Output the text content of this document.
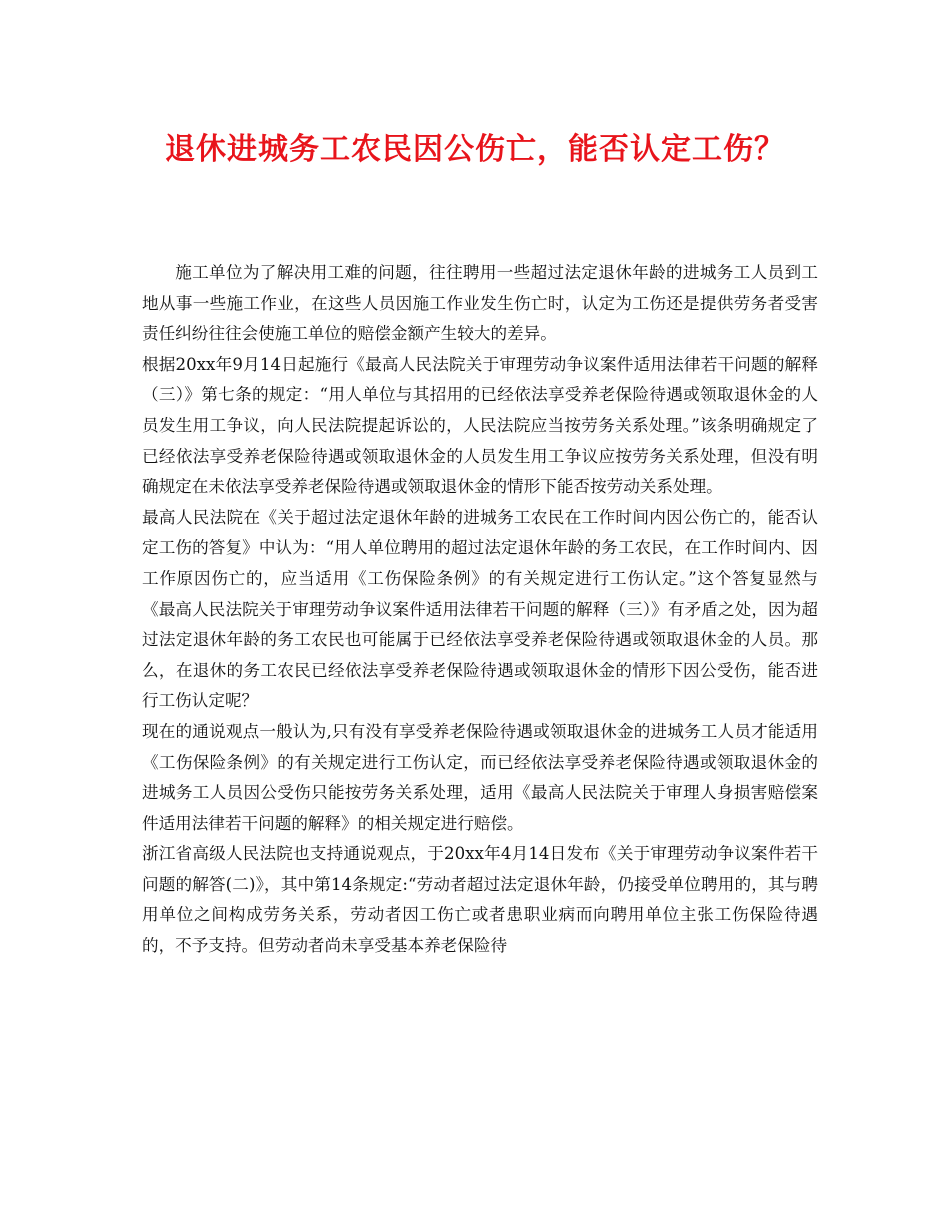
退休进城务工农民因公伤亡，能否认定工伤？

施工单位为了解决用工难的问题，往往聘用一些超过法定退休年龄的进城务工人员到工地从事一些施工作业，在这些人员因施工作业发生伤亡时，认定为工伤还是提供劳务者受害责任纠纷往往会使施工单位的赔偿金额产生较大的差异。

根据20xx年9月14日起施行《最高人民法院关于审理劳动争议案件适用法律若干问题的解释（三）》第七条的规定：“用人单位与其招用的已经依法享受养老保险待遇或领取退休金的人员发生用工争议，向人民法院提起诉讼的，人民法院应当按劳务关系处理。”该条明确规定了已经依法享受养老保险待遇或领取退休金的人员发生用工争议应按劳务关系处理，但没有明确规定在未依法享受养老保险待遇或领取退休金的情形下能否按劳动关系处理。

最高人民法院在《关于超过法定退休年龄的进城务工农民在工作时间内因公伤亡的，能否认定工伤的答复》中认为：“用人单位聘用的超过法定退休年龄的务工农民，在工作时间内、因工作原因伤亡的，应当适用《工伤保险条例》的有关规定进行工伤认定。”这个答复显然与《最高人民法院关于审理劳动争议案件适用法律若干问题的解释（三）》有矛盾之处，因为超过法定退休年龄的务工农民也可能属于已经依法享受养老保险待遇或领取退休金的人员。那么，在退休的务工农民已经依法享受养老保险待遇或领取退休金的情形下因公受伤，能否进行工伤认定呢？

现在的通说观点一般认为,只有没有享受养老保险待遇或领取退休金的进城务工人员才能适用《工伤保险条例》的有关规定进行工伤认定，而已经依法享受养老保险待遇或领取退休金的进城务工人员因公受伤只能按劳务关系处理，适用《最高人民法院关于审理人身损害赔偿案件适用法律若干问题的解释》的相关规定进行赔偿。

浙江省高级人民法院也支持通说观点，于20xx年4月14日发布《关于审理劳动争议案件若干问题的解答(二)》，其中第14条规定:“劳动者超过法定退休年龄，仍接受单位聘用的，其与聘用单位之间构成劳务关系，劳动者因工伤亡或者患职业病而向聘用单位主张工伤保险待遇的，不予支持。但劳动者尚未享受基本养老保险待
